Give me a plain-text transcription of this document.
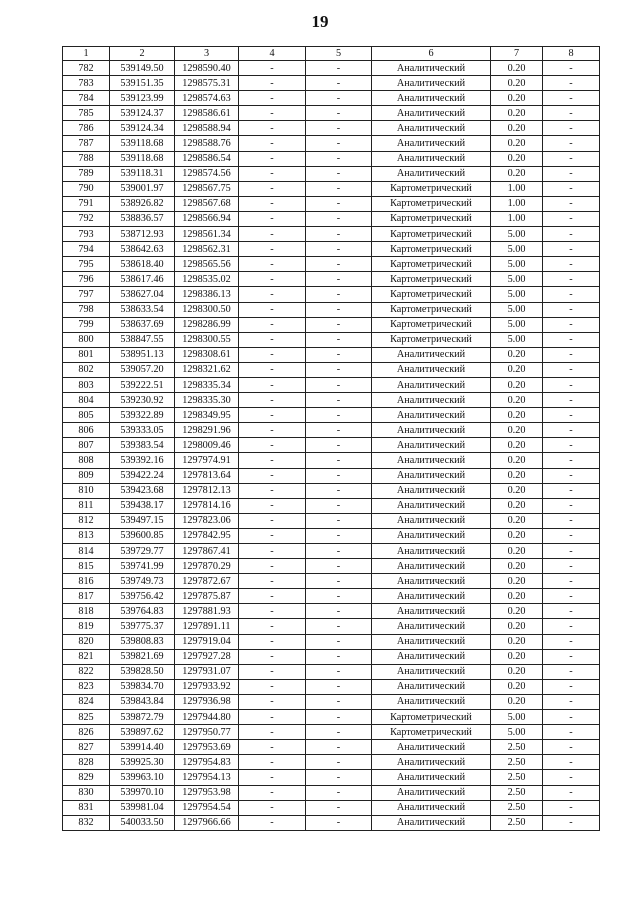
19
1	2	3	4	5	6	7	8
782	539149.50	1298590.40	-	-	Аналитический	0.20	-
783	539151.35	1298575.31	-	-	Аналитический	0.20	-
784	539123.99	1298574.63	-	-	Аналитический	0.20	-
785	539124.37	1298586.61	-	-	Аналитический	0.20	-
786	539124.34	1298588.94	-	-	Аналитический	0.20	-
787	539118.68	1298588.76	-	-	Аналитический	0.20	-
788	539118.68	1298586.54	-	-	Аналитический	0.20	-
789	539118.31	1298574.56	-	-	Аналитический	0.20	-
790	539001.97	1298567.75	-	-	Картометрический	1.00	-
791	538926.82	1298567.68	-	-	Картометрический	1.00	-
792	538836.57	1298566.94	-	-	Картометрический	1.00	-
793	538712.93	1298561.34	-	-	Картометрический	5.00	-
794	538642.63	1298562.31	-	-	Картометрический	5.00	-
795	538618.40	1298565.56	-	-	Картометрический	5.00	-
796	538617.46	1298535.02	-	-	Картометрический	5.00	-
797	538627.04	1298386.13	-	-	Картометрический	5.00	-
798	538633.54	1298300.50	-	-	Картометрический	5.00	-
799	538637.69	1298286.99	-	-	Картометрический	5.00	-
800	538847.55	1298300.55	-	-	Картометрический	5.00	-
801	538951.13	1298308.61	-	-	Аналитический	0.20	-
802	539057.20	1298321.62	-	-	Аналитический	0.20	-
803	539222.51	1298335.34	-	-	Аналитический	0.20	-
804	539230.92	1298335.30	-	-	Аналитический	0.20	-
805	539322.89	1298349.95	-	-	Аналитический	0.20	-
806	539333.05	1298291.96	-	-	Аналитический	0.20	-
807	539383.54	1298009.46	-	-	Аналитический	0.20	-
808	539392.16	1297974.91	-	-	Аналитический	0.20	-
809	539422.24	1297813.64	-	-	Аналитический	0.20	-
810	539423.68	1297812.13	-	-	Аналитический	0.20	-
811	539438.17	1297814.16	-	-	Аналитический	0.20	-
812	539497.15	1297823.06	-	-	Аналитический	0.20	-
813	539600.85	1297842.95	-	-	Аналитический	0.20	-
814	539729.77	1297867.41	-	-	Аналитический	0.20	-
815	539741.99	1297870.29	-	-	Аналитический	0.20	-
816	539749.73	1297872.67	-	-	Аналитический	0.20	-
817	539756.42	1297875.87	-	-	Аналитический	0.20	-
818	539764.83	1297881.93	-	-	Аналитический	0.20	-
819	539775.37	1297891.11	-	-	Аналитический	0.20	-
820	539808.83	1297919.04	-	-	Аналитический	0.20	-
821	539821.69	1297927.28	-	-	Аналитический	0.20	-
822	539828.50	1297931.07	-	-	Аналитический	0.20	-
823	539834.70	1297933.92	-	-	Аналитический	0.20	-
824	539843.84	1297936.98	-	-	Аналитический	0.20	-
825	539872.79	1297944.80	-	-	Картометрический	5.00	-
826	539897.62	1297950.77	-	-	Картометрический	5.00	-
827	539914.40	1297953.69	-	-	Аналитический	2.50	-
828	539925.30	1297954.83	-	-	Аналитический	2.50	-
829	539963.10	1297954.13	-	-	Аналитический	2.50	-
830	539970.10	1297953.98	-	-	Аналитический	2.50	-
831	539981.04	1297954.54	-	-	Аналитический	2.50	-
832	540033.50	1297966.66	-	-	Аналитический	2.50	-
